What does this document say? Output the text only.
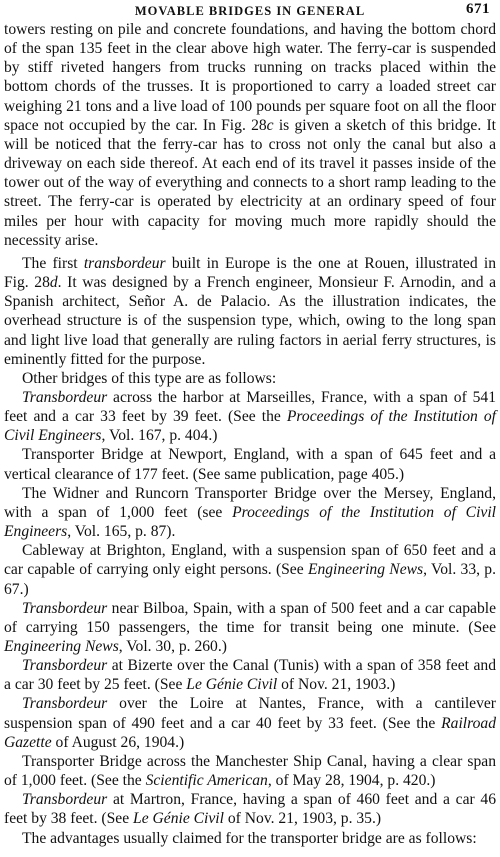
MOVABLE BRIDGES IN GENERAL	671

towers resting on pile and concrete foundations, and having the bottom chord of the span 135 feet in the clear above high water. The ferry-car is suspended by stiff riveted hangers from trucks running on tracks placed within the bottom chords of the trusses. It is proportioned to carry a loaded street car weighing 21 tons and a live load of 100 pounds per square foot on all the floor space not occupied by the car. In Fig. 28c is given a sketch of this bridge. It will be noticed that the ferry-car has to cross not only the canal but also a driveway on each side thereof. At each end of its travel it passes inside of the tower out of the way of everything and connects to a short ramp leading to the street. The ferry-car is operated by electricity at an ordinary speed of four miles per hour with capacity for moving much more rapidly should the necessity arise.

The first transbordeur built in Europe is the one at Rouen, illustrated in Fig. 28d. It was designed by a French engineer, Monsieur F. Arnodin, and a Spanish architect, Señor A. de Palacio. As the illustration indicates, the overhead structure is of the suspension type, which, owing to the long span and light live load that generally are ruling factors in aerial ferry structures, is eminently fitted for the purpose.

Other bridges of this type are as follows:

Transbordeur across the harbor at Marseilles, France, with a span of 541 feet and a car 33 feet by 39 feet. (See the Proceedings of the Institution of Civil Engineers, Vol. 167, p. 404.)

Transporter Bridge at Newport, England, with a span of 645 feet and a vertical clearance of 177 feet. (See same publication, page 405.)

The Widner and Runcorn Transporter Bridge over the Mersey, England, with a span of 1,000 feet (see Proceedings of the Institution of Civil Engineers, Vol. 165, p. 87).

Cableway at Brighton, England, with a suspension span of 650 feet and a car capable of carrying only eight persons. (See Engineering News, Vol. 33, p. 67.)

Transbordeur near Bilboa, Spain, with a span of 500 feet and a car capable of carrying 150 passengers, the time for transit being one minute. (See Engineering News, Vol. 30, p. 260.)

Transbordeur at Bizerte over the Canal (Tunis) with a span of 358 feet and a car 30 feet by 25 feet. (See Le Génie Civil of Nov. 21, 1903.)

Transbordeur over the Loire at Nantes, France, with a cantilever suspension span of 490 feet and a car 40 feet by 33 feet. (See the Railroad Gazette of August 26, 1904.)

Transporter Bridge across the Manchester Ship Canal, having a clear span of 1,000 feet. (See the Scientific American, of May 28, 1904, p. 420.)

Transbordeur at Martron, France, having a span of 460 feet and a car 46 feet by 38 feet. (See Le Génie Civil of Nov. 21, 1903, p. 35.)

The advantages usually claimed for the transporter bridge are as follows:
